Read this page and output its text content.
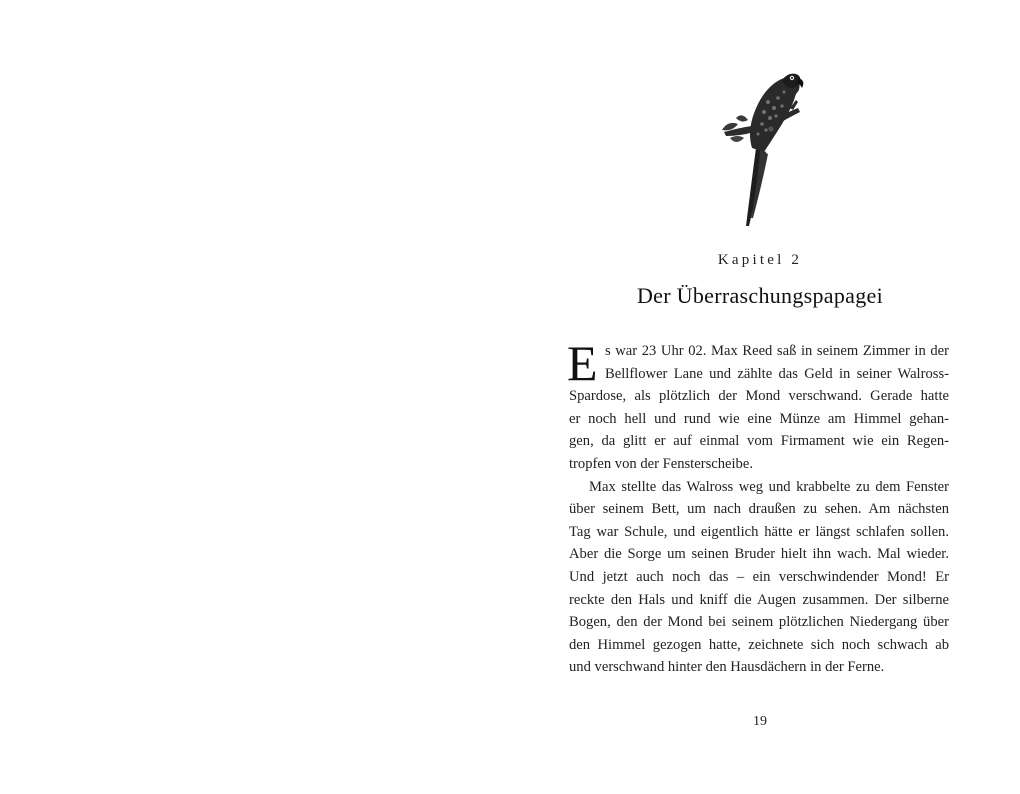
Kapitel 2
Der Überraschungspapagei
E s war 23 Uhr 02. Max Reed saß in seinem Zimmer in der
Bellflower Lane und zählte das Geld in seiner Walross-
Spardose, als plötzlich der Mond verschwand. Gerade hatte
er noch hell und rund wie eine Münze am Himmel gehan-
gen, da glitt er auf einmal vom Firmament wie ein Regen-
tropfen von der Fensterscheibe.
Max stellte das Walross weg und krabbelte zu dem Fenster
über seinem Bett, um nach draußen zu sehen. Am nächsten
Tag war Schule, und eigentlich hätte er längst schlafen sollen.
Aber die Sorge um seinen Bruder hielt ihn wach. Mal wieder.
Und jetzt auch noch das – ein verschwindender Mond! Er
reckte den Hals und kniff die Augen zusammen. Der silberne
Bogen, den der Mond bei seinem plötzlichen Niedergang über
den Himmel gezogen hatte, zeichnete sich noch schwach ab
und verschwand hinter den Hausdächern in der Ferne.
19
